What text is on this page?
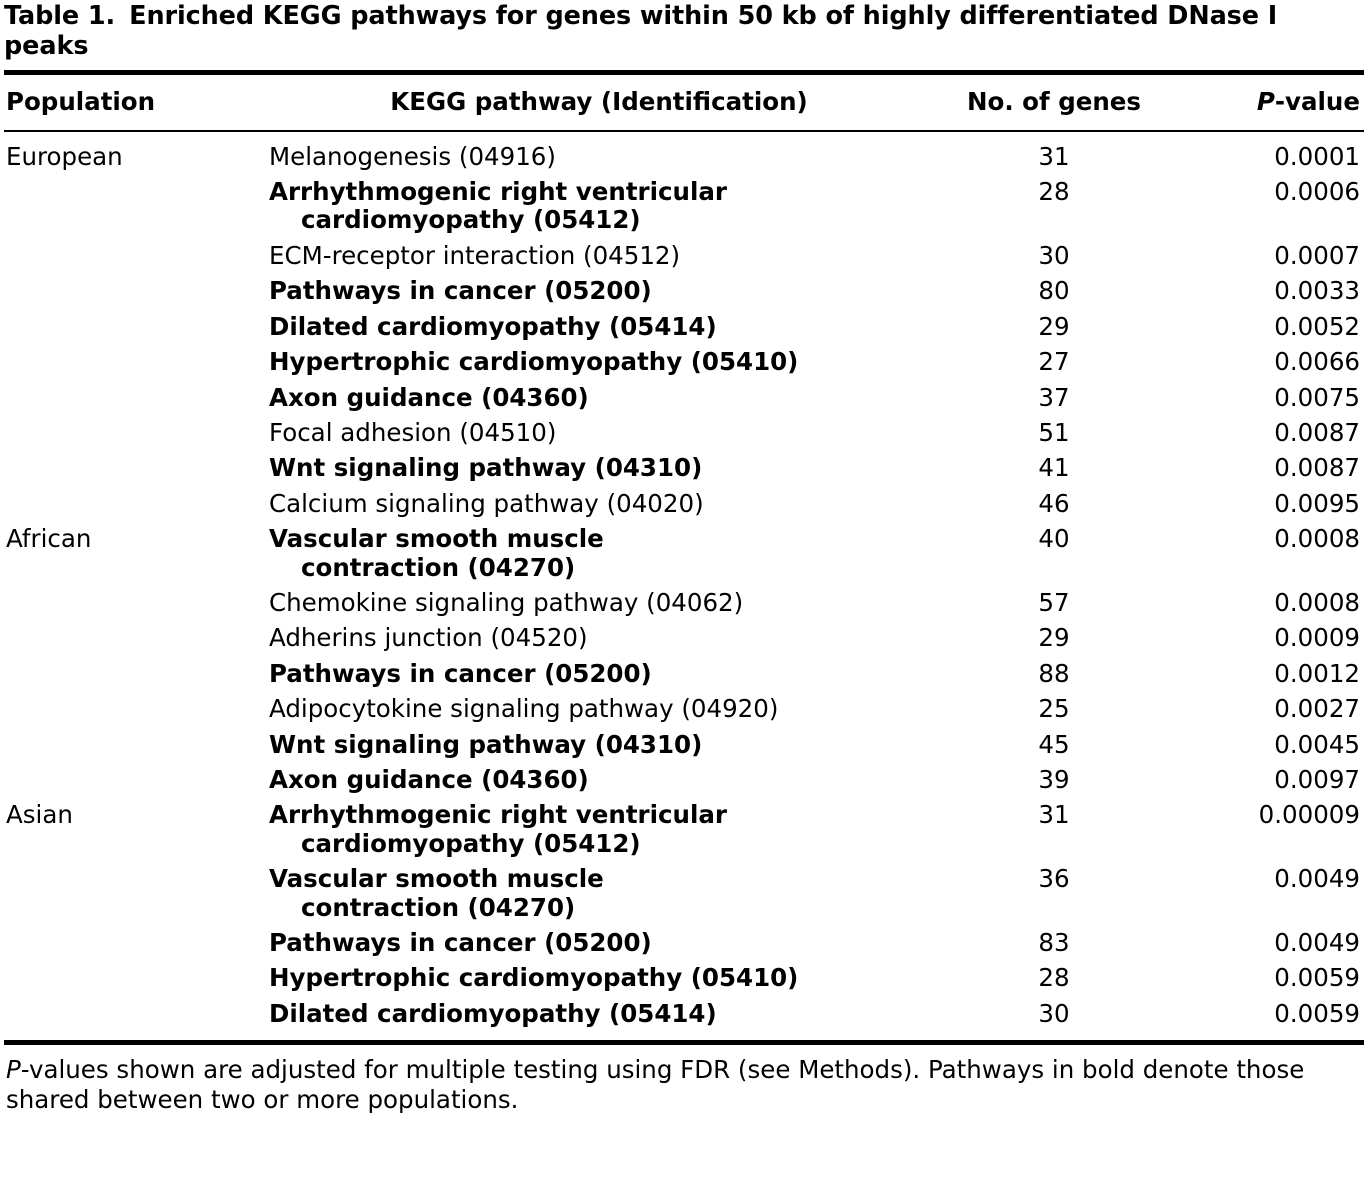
Table 1. Enriched KEGG pathways for genes within 50 kb of highly differentiated DNase I peaks
Population	KEGG pathway (Identification)	No. of genes	P-value
European	Melanogenesis (04916)	31	0.0001
	Arrhythmogenic right ventricular
cardiomyopathy (05412)	28	0.0006
	ECM-receptor interaction (04512)	30	0.0007
	Pathways in cancer (05200)	80	0.0033
	Dilated cardiomyopathy (05414)	29	0.0052
	Hypertrophic cardiomyopathy (05410)	27	0.0066
	Axon guidance (04360)	37	0.0075
	Focal adhesion (04510)	51	0.0087
	Wnt signaling pathway (04310)	41	0.0087
	Calcium signaling pathway (04020)	46	0.0095
African	Vascular smooth muscle
contraction (04270)	40	0.0008
	Chemokine signaling pathway (04062)	57	0.0008
	Adherins junction (04520)	29	0.0009
	Pathways in cancer (05200)	88	0.0012
	Adipocytokine signaling pathway (04920)	25	0.0027
	Wnt signaling pathway (04310)	45	0.0045
	Axon guidance (04360)	39	0.0097
Asian	Arrhythmogenic right ventricular
cardiomyopathy (05412)	31	0.00009
	Vascular smooth muscle
contraction (04270)	36	0.0049
	Pathways in cancer (05200)	83	0.0049
	Hypertrophic cardiomyopathy (05410)	28	0.0059
	Dilated cardiomyopathy (05414)	30	0.0059
P-values shown are adjusted for multiple testing using FDR (see Methods). Pathways in bold denote those shared between two or more populations.
